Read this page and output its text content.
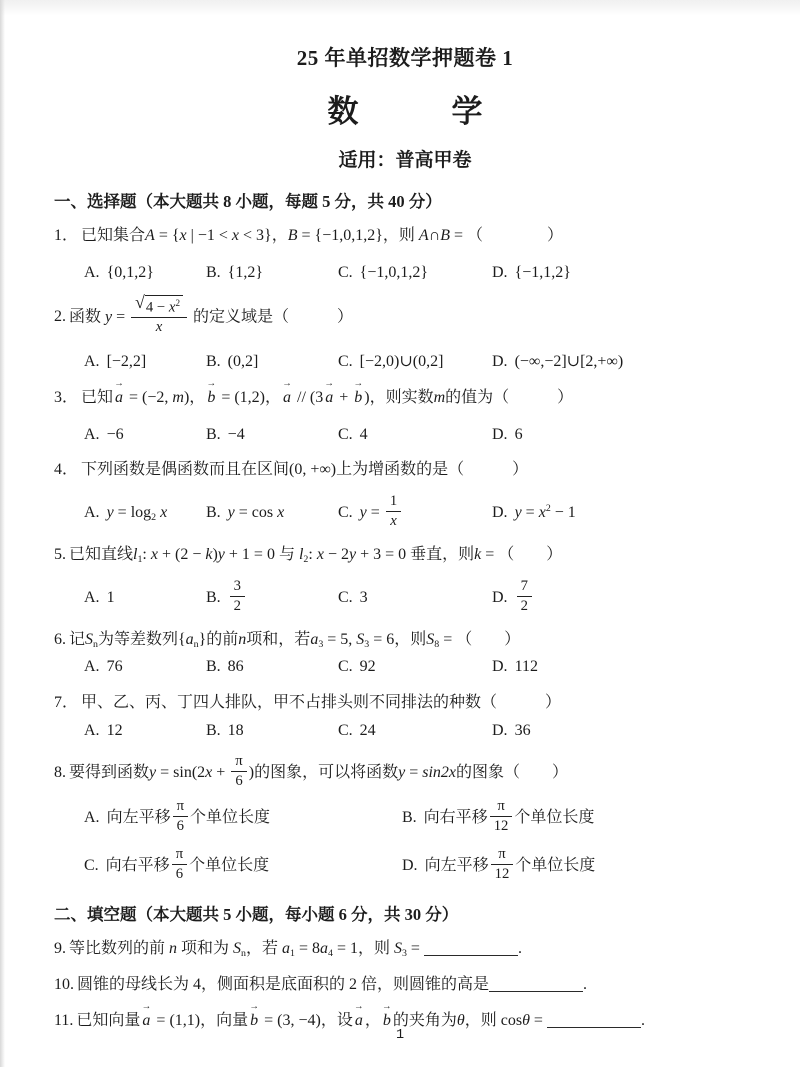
25 年单招数学押题卷 1
数　　　学
适用：普高甲卷
一、选择题（本大题共 8 小题，每题 5 分，共 40 分）
1． 已知集合A = {x | −1 < x < 3}，B = {−1,0,1,2}，则 A∩B = （　　　　）
A. {0,1,2}	B. {1,2}	C. {−1,0,1,2}	D. {−1,1,2}
2. 函数 $y = \frac{√ 4 - x^2}{x}$ 的定义域是（　　　）
A. [−2,2]	B. (0,2]	C. [−2,0)∪(0,2]	D. (−∞,−2]∪[2,+∞)
3． 已知
→
a = (−2, m)，
→
b = (1,2)，
→
a // (3
→
a +
→
b )，则实数m的值为（　　　）
A. −6	B. −4	C. 4	D. 6
4． 下列函数是偶函数而且在区间(0, +∞)上为增函数的是（　　　）
A. y = log2 x B. y = cos x	C. $y = \frac{1}{x}$	D. $y = x^2 - 1$
5. 已知直线l1: x + (2 − k)y + 1 = 0 与 l2: x − 2y + 3 = 0 垂直，则k = （　　）
A. 1	B. $\frac{3}{2}$	C. 3	D. $\frac{7}{2}$
6. 记Sn为等差数列{an}的前n项和，若a3 = 5, S3 = 6，则S8 = （　　）
A. 76	B. 86	C. 92	D. 112
7． 甲、乙、丙、丁四人排队，甲不占排头则不同排法的种数（　　　）
A. 12	B. 18	C. 24	D. 36
8. 要得到函数$y = \sin(2x + \frac{\pi}{6}$ )的图象，可以将函数y = sin2x的图象（　　）
A. 向左平移 $\frac{\pi}{6}$ 个单位长度	B. 向右平移 $\frac{\pi}{12}$ 个单位长度
C. 向右平移 $\frac{\pi}{6}$ 个单位长度	D. 向左平移 $\frac{\pi}{12}$ 个单位长度
二、填空题（本大题共 5 小题，每小题 6 分，共 30 分）
9. 等比数列的前 n 项和为 Sn，若 a1 = 8a4 = 1，则 S3 =	.
10. 圆锥的母线长为 4，侧面积是底面积的 2 倍，则圆锥的高是	.
11. 已知向量
→
a = (1,1)，向量
→
b = (3, −4)，设
→
a ，
→
b 的夹角为θ，则 cosθ =	.
1
